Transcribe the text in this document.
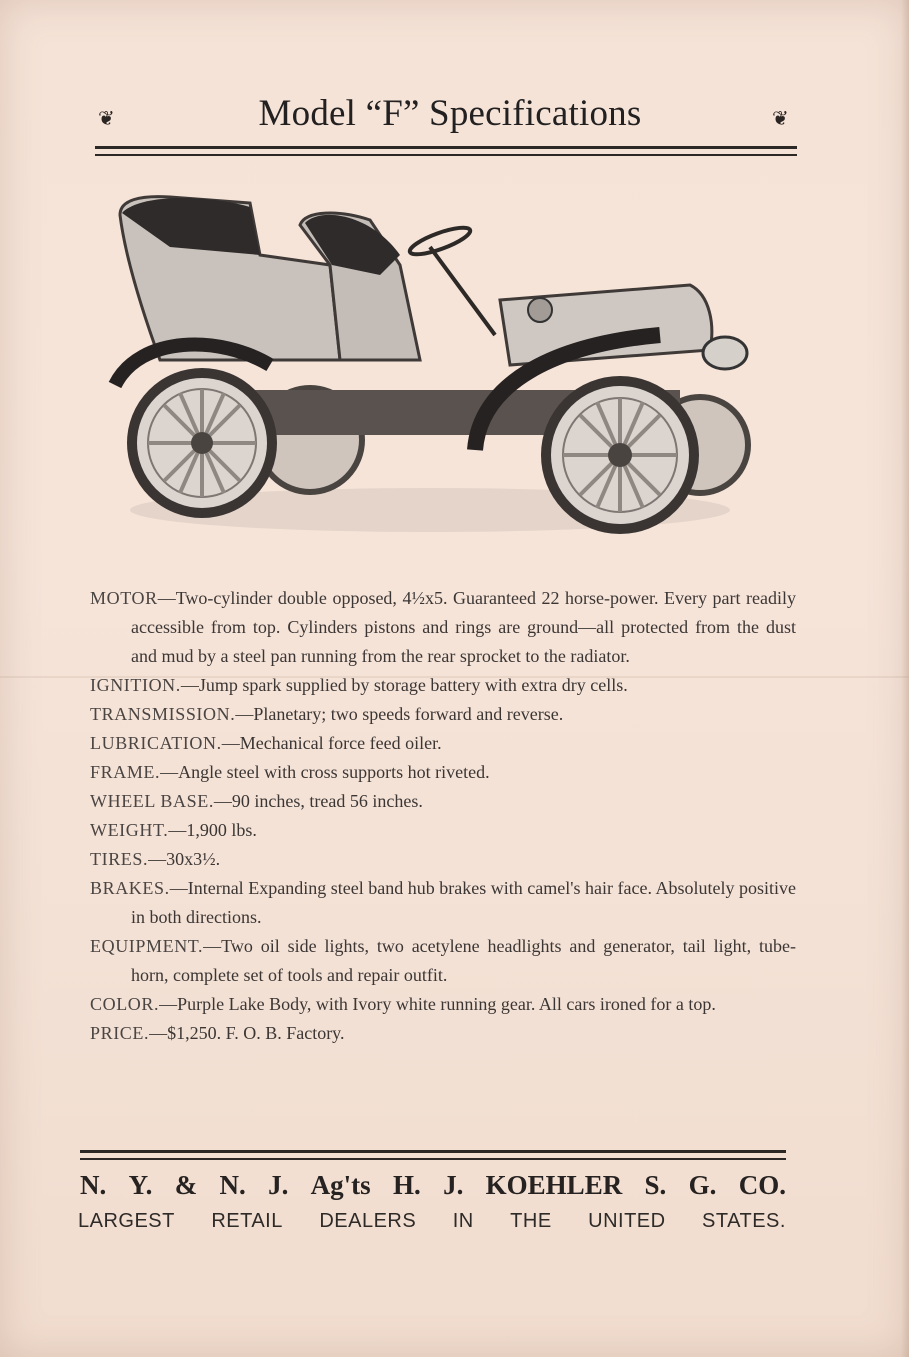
❦	Model “F” Specifications	❦

MOTOR—Two-cylinder double opposed, 4½x5. Guaranteed 22 horse-power. Every part readily accessible from top. Cylinders pistons and rings are ground—all protected from the dust and mud by a steel pan running from the rear sprocket to the radiator.

IGNITION.—Jump spark supplied by storage battery with extra dry cells.

TRANSMISSION.—Planetary; two speeds forward and reverse.

LUBRICATION.—Mechanical force feed oiler.

FRAME.—Angle steel with cross supports hot riveted.

WHEEL BASE.—90 inches, tread 56 inches.

WEIGHT.—1,900 lbs.

TIRES.—30x3½.

BRAKES.—Internal Expanding steel band hub brakes with camel's hair face. Absolutely positive in both directions.

EQUIPMENT.—Two oil side lights, two acetylene headlights and generator, tail light, tube-horn, complete set of tools and repair outfit.

COLOR.—Purple Lake Body, with Ivory white running gear. All cars ironed for a top.

PRICE.—$1,250. F. O. B. Factory.

N. Y. & N. J. Ag'ts H. J. KOEHLER S. G. CO.
LARGEST RETAIL DEALERS IN THE UNITED STATES.
